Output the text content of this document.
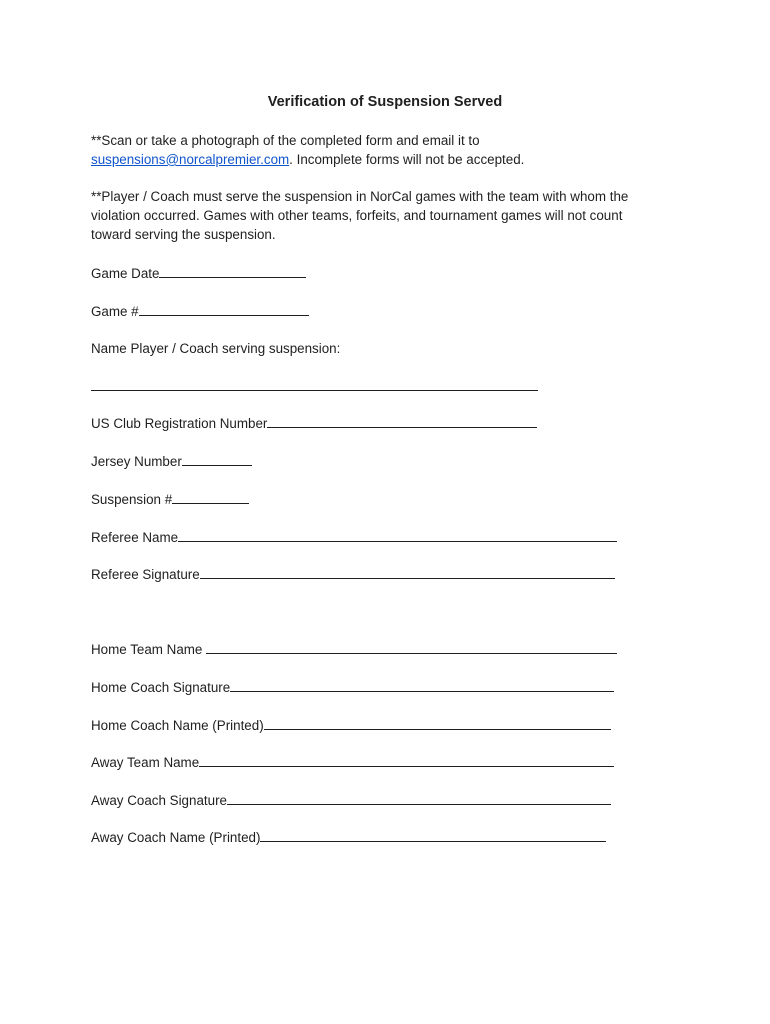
Verification of Suspension Served
**Scan or take a photograph of the completed form and email it to
suspensions@norcalpremier.com. Incomplete forms will not be accepted.
**Player / Coach must serve the suspension in NorCal games with the team with whom the
violation occurred. Games with other teams, forfeits, and tournament games will not count
toward serving the suspension.
Game Date
Game #
Name Player / Coach serving suspension:
US Club Registration Number
Jersey Number
Suspension #
Referee Name
Referee Signature
Home Team Name
Home Coach Signature
Home Coach Name (Printed)
Away Team Name
Away Coach Signature
Away Coach Name (Printed)
